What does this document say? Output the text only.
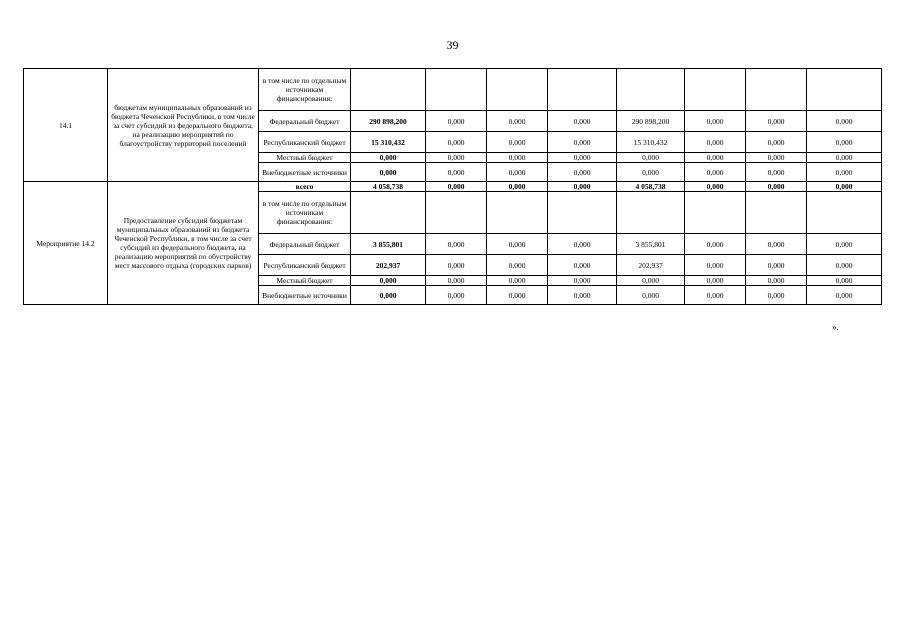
39
14.1	бюджетам муниципальных образований из бюджета Чеченской Республики, в том числе за счет субсидий из федерального бюджета, на реализацию мероприятий по благоустройству территорий поселений	в том числе по отдельным источникам финансирования:								
		Федеральный бюджет	290 898,200	0,000	0,000	0,000	290 898,200	0,000	0,000	0,000
		Республиканский бюджет	15 310,432	0,000	0,000	0,000	15 310,432	0,000	0,000	0,000
		Местный бюджет	0,000	0,000	0,000	0,000	0,000	0,000	0,000	0,000
		Внебюджетные источники	0,000	0,000	0,000	0,000	0,000	0,000	0,000	0,000
Мероприятие 14.2	Предоставление субсидий бюджетам муниципальных образований из бюджета Чеченской Республики, в том числе за счет субсидий из федерального бюджета, на реализацию мероприятий по обустройству мест массового отдыха (городских парков)	всего	4 058,738	0,000	0,000	0,000	4 058,738	0,000	0,000	0,000
		в том числе по отдельным источникам финансирования:								
		Федеральный бюджет	3 855,801	0,000	0,000	0,000	3 855,801	0,000	0,000	0,000
		Республиканский бюджет	202,937	0,000	0,000	0,000	202,937	0,000	0,000	0,000
		Местный бюджет	0,000	0,000	0,000	0,000	0,000	0,000	0,000	0,000
		Внебюджетные источники	0,000	0,000	0,000	0,000	0,000	0,000	0,000	0,000
».
